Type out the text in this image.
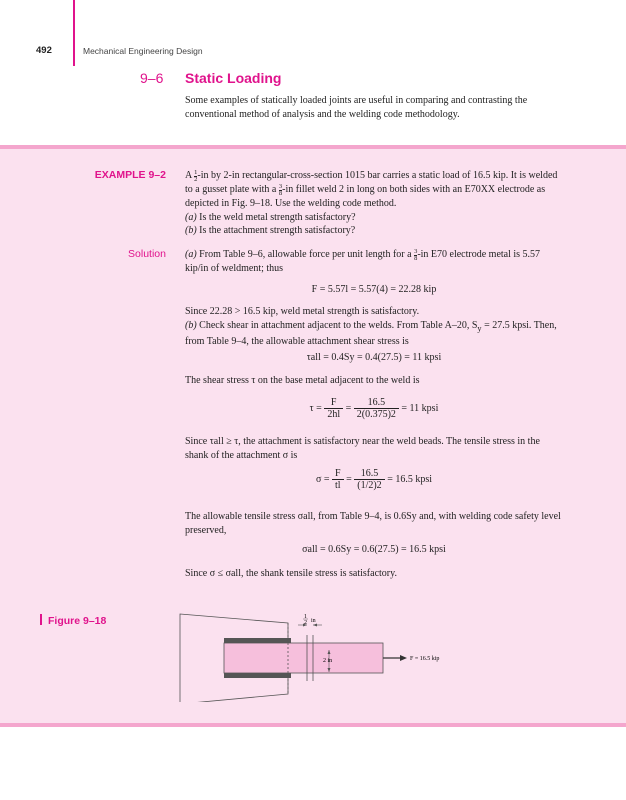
492	Mechanical Engineering Design
9–6 Static Loading
Some examples of statically loaded joints are useful in comparing and contrasting the conventional method of analysis and the welding code methodology.
EXAMPLE 9–2 A $\frac{1}{2}-in$ by 2-in rectangular-cross-section 1015 bar carries a static load of 16.5 kip. It is welded to a gusset plate with a $\frac{3}{8}-in$ fillet weld 2 in long on both sides with an E70XX electrode as depicted in Fig. 9–18. Use the welding code method.
(a) Is the weld metal strength satisfactory?
(b) Is the attachment strength satisfactory?
Solution (a) From Table 9–6, allowable force per unit length for a $\frac{3}{8}-in$ E70 electrode metal is 5.57 kip/in of weldment; thus
F = 5.57l = 5.57(4) = 22.28 kip
Since 22.28 > 16.5 kip, weld metal strength is satisfactory.
(b) Check shear in attachment adjacent to the welds. From Table A–20, $S_y = 27.5$ kpsi. Then, from Table 9–4, the allowable attachment shear stress is
τall = 0.4Sy = 0.4(27.5) = 11 kpsi
The shear stress τ on the base metal adjacent to the weld is
$\tau = \frac{F}{2hl} = \frac{16.5}{2(0.375)2} = 11$ kpsi
Since τall ≥ τ, the attachment is satisfactory near the weld beads. The tensile stress in the shank of the attachment σ is
$\sigma = \frac{F}{tl} = \frac{16.5}{(1/2)2} = 16.5$ kpsi
The allowable tensile stress σall, from Table 9–4, is 0.6Sy and, with welding code safety level preserved,
σall = 0.6Sy = 0.6(27.5) = 16.5 kpsi
Since σ ≤ σall, the shank tensile stress is satisfactory.
Figure 9–18	1
2 in
2 in	F = 16.5 kip
